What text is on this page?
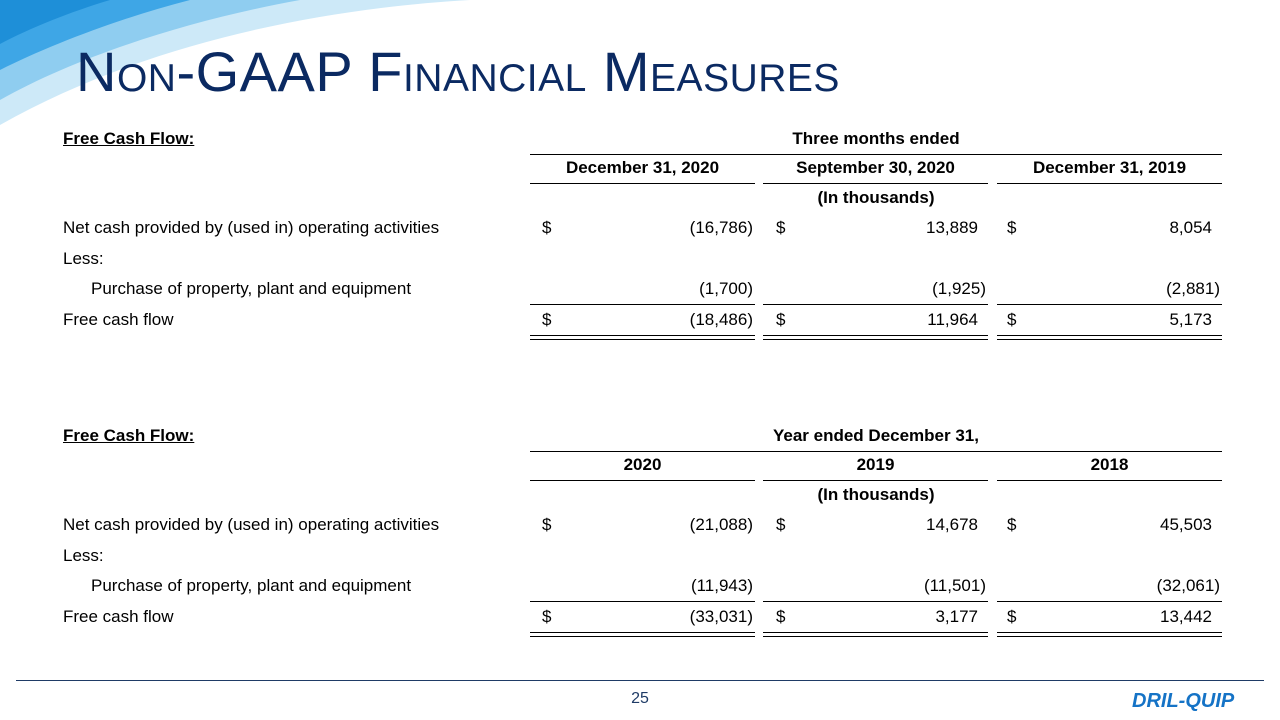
Non-GAAP Financial Measures
Free Cash Flow:	Three months ended
December 31, 2020	September 30, 2020	December 31, 2019
(In thousands)
Net cash provided by (used in) operating activities	$	(16,786) $	13,889 $	8,054
Less:
Purchase of property, plant and equipment	(1,700)	(1,925)	(2,881)
Free cash flow	$	(18,486) $	11,964 $	5,173
Free Cash Flow:	Year ended December 31,
2020	2019	2018
(In thousands)
Net cash provided by (used in) operating activities	$	(21,088) $	14,678 $	45,503
Less:
Purchase of property, plant and equipment	(11,943)	(11,501)	(32,061)
Free cash flow	$	(33,031) $	3,177 $	13,442
25	DRIL-QUIP
